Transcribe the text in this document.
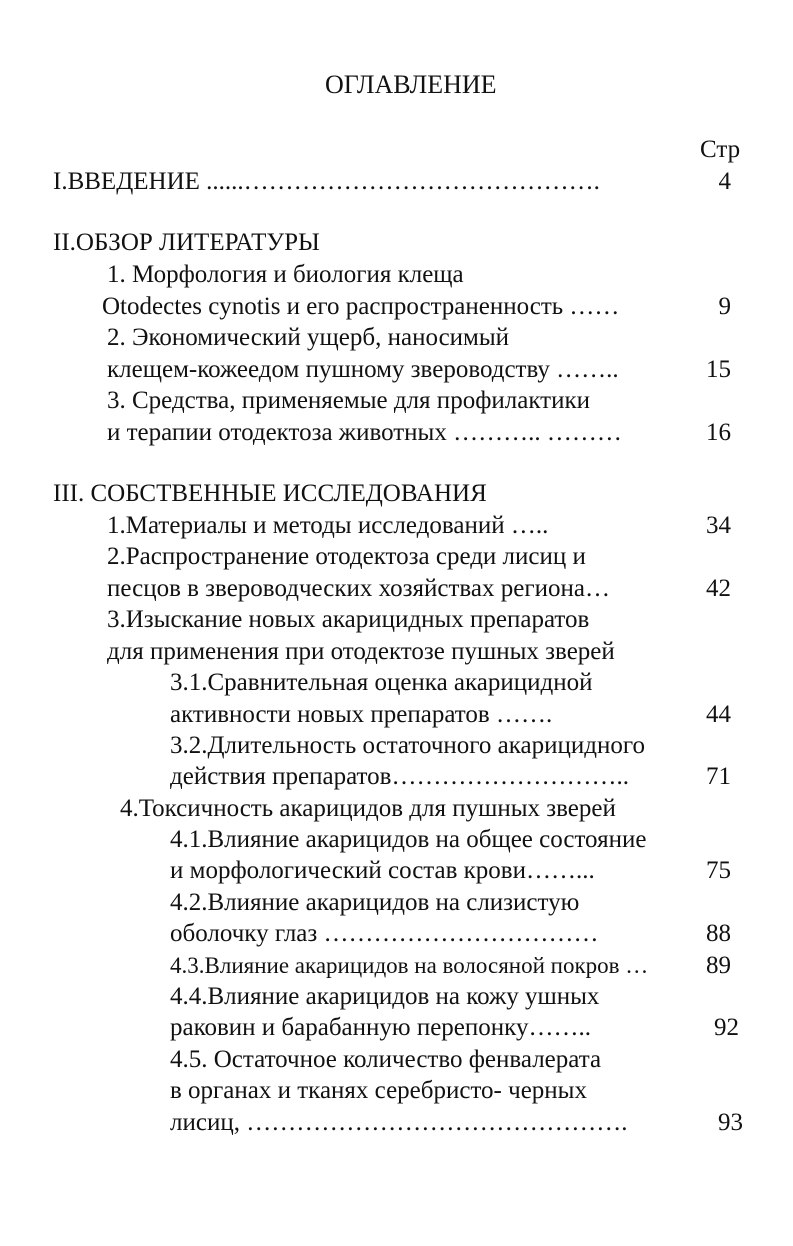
ОГЛАВЛЕНИЕ
Стр
I.ВВЕДЕНИЕ ......…………………………………….	4
II.ОБЗОР ЛИТЕРАТУРЫ
1. Морфология и биология клеща
Otodectes cynotis и его распространенность ……	9
2. Экономический ущерб, наносимый
клещем-кожеедом пушному звероводству ……..	15
3. Средства, применяемые для профилактики
и терапии отодектоза животных ……….. ………	16
III. СОБСТВЕННЫЕ ИССЛЕДОВАНИЯ
1.Материалы и методы исследований …..	34
2.Распространение отодектоза среди лисиц и
песцов в звероводческих хозяйствах региона…	42
3.Изыскание новых акарицидных препаратов
для применения при отодектозе пушных зверей
3.1.Сравнительная оценка акарицидной
активности новых препаратов …….	44
3.2.Длительность остаточного акарицидного
действия препаратов………………………..	71
4.Токсичность акарицидов для пушных зверей
4.1.Влияние акарицидов на общее состояние
и морфологический состав крови……...	75
4.2.Влияние акарицидов на слизистую
оболочку глаз ……………………………	88
4.3.Влияние акарицидов на волосяной покров … 89
4.4.Влияние акарицидов на кожу ушных
раковин и барабанную перепонку……..	92
4.5. Остаточное количество фенвалерата
в органах и тканях серебристо- черных
лисиц, ……………………………………….	93
